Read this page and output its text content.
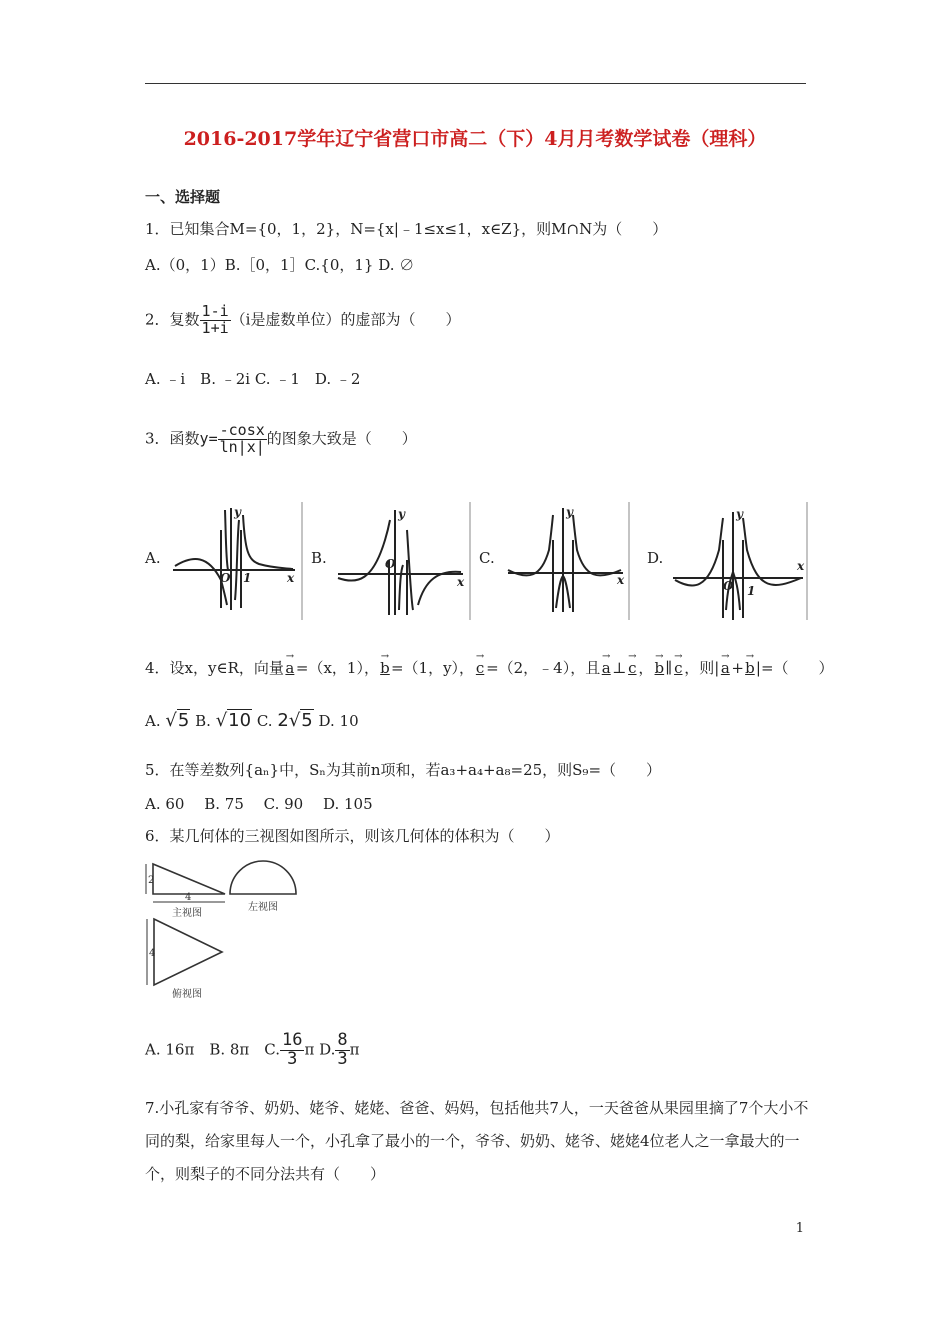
2016-2017学年辽宁省营口市高二（下）4月月考数学试卷（理科）
一、选择题
1．已知集合M={0，1，2}，N={x|﹣1≤x≤1，x∈Z}，则M∩N为（　　）
A.（0，1）B.［0，1］C.{0，1} D. ∅
2．复数 $\frac{1-i}{1+i} (i$是虚数单位）的虚部为（　　）
A. ﹣i　B. ﹣2i C. ﹣1　D. ﹣2
3．函数$y= \frac{-\cos x}{\ln|x|}$ 的图象大致是（　　）
A.	B.	C.	D.
x
y
O 1	x
y
O
x
y
x
y
O 1
4．设x，y∈R，向量
→
a =（x，1），
→
b =（1，y），
→
c =（2，﹣4），且
→
a ⊥
→
c ，
→
b ∥
→
c ，则|
→
a +
→
b |=（　　）
A. √5 B. √10 C. 2√5 D. 10
5．在等差数列{aₙ}中，Sₙ为其前n项和，若a₃+a₄+a₈=25，则S₉=（　　）
A. 60　 B. 75　 C. 90　 D. 105
6．某几何体的三视图如图所示，则该几何体的体积为（　　）
2
4
主视图
左视图
4
俯视图
A. 16π　B. 8π　C. $\frac{16}{3}$ π D. $\frac{8}{3}$ π
7.小孔家有爷爷、奶奶、姥爷、姥姥、爸爸、妈妈，包括他共7人，一天爸爸从果园里摘了7个大小不同的梨，给家里每人一个，小孔拿了最小的一个，爷爷、奶奶、姥爷、姥姥4位老人之一拿最大的一个，则梨子的不同分法共有（　　）
1
